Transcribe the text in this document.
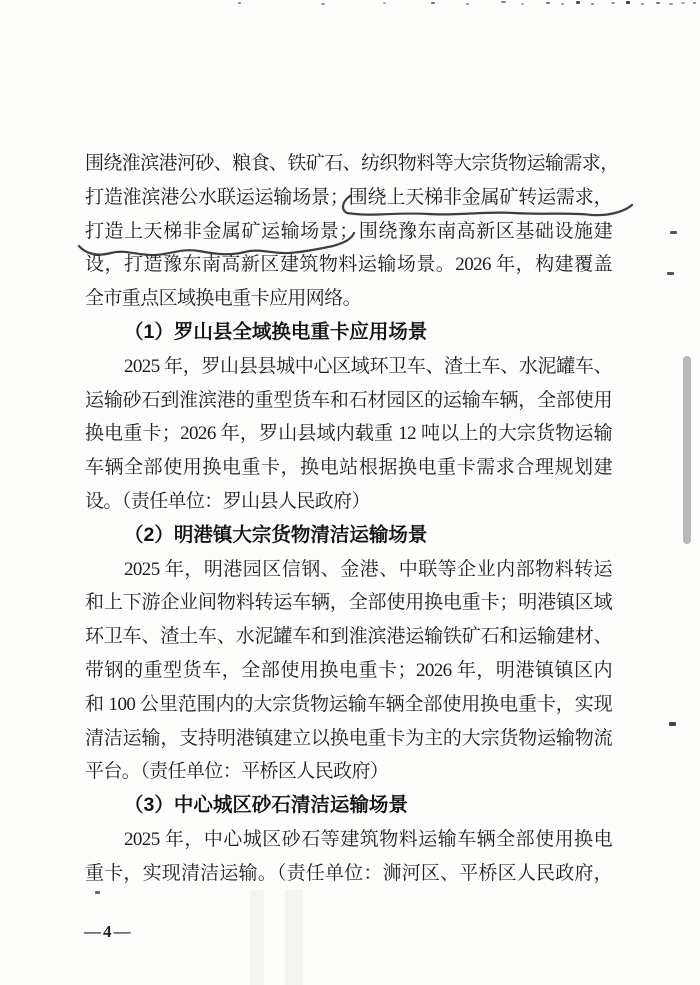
围绕淮滨港河砂、粮食、铁矿石、纺织物料等大宗货物运输需求，
打造淮滨港公水联运运输场景；围绕上天梯非金属矿转运需求，
打造上天梯非金属矿运输场景；围绕豫东南高新区基础设施建
设，打造豫东南高新区建筑物料运输场景。2026 年，构建覆盖
全市重点区域换电重卡应用网络。
（1）罗山县全域换电重卡应用场景
2025 年，罗山县县城中心区域环卫车、渣土车、水泥罐车、
运输砂石到淮滨港的重型货车和石材园区的运输车辆，全部使用
换电重卡；2026 年，罗山县域内载重 12 吨以上的大宗货物运输
车辆全部使用换电重卡，换电站根据换电重卡需求合理规划建
设。（责任单位：罗山县人民政府）
（2）明港镇大宗货物清洁运输场景
2025 年，明港园区信钢、金港、中联等企业内部物料转运
和上下游企业间物料转运车辆，全部使用换电重卡；明港镇区域
环卫车、渣土车、水泥罐车和到淮滨港运输铁矿石和运输建材、
带钢的重型货车，全部使用换电重卡；2026 年，明港镇镇区内
和 100 公里范围内的大宗货物运输车辆全部使用换电重卡，实现
清洁运输，支持明港镇建立以换电重卡为主的大宗货物运输物流
平台。（责任单位：平桥区人民政府）
（3）中心城区砂石清洁运输场景
2025 年，中心城区砂石等建筑物料运输车辆全部使用换电
重卡，实现清洁运输。（责任单位：浉河区、平桥区人民政府，
—4—
